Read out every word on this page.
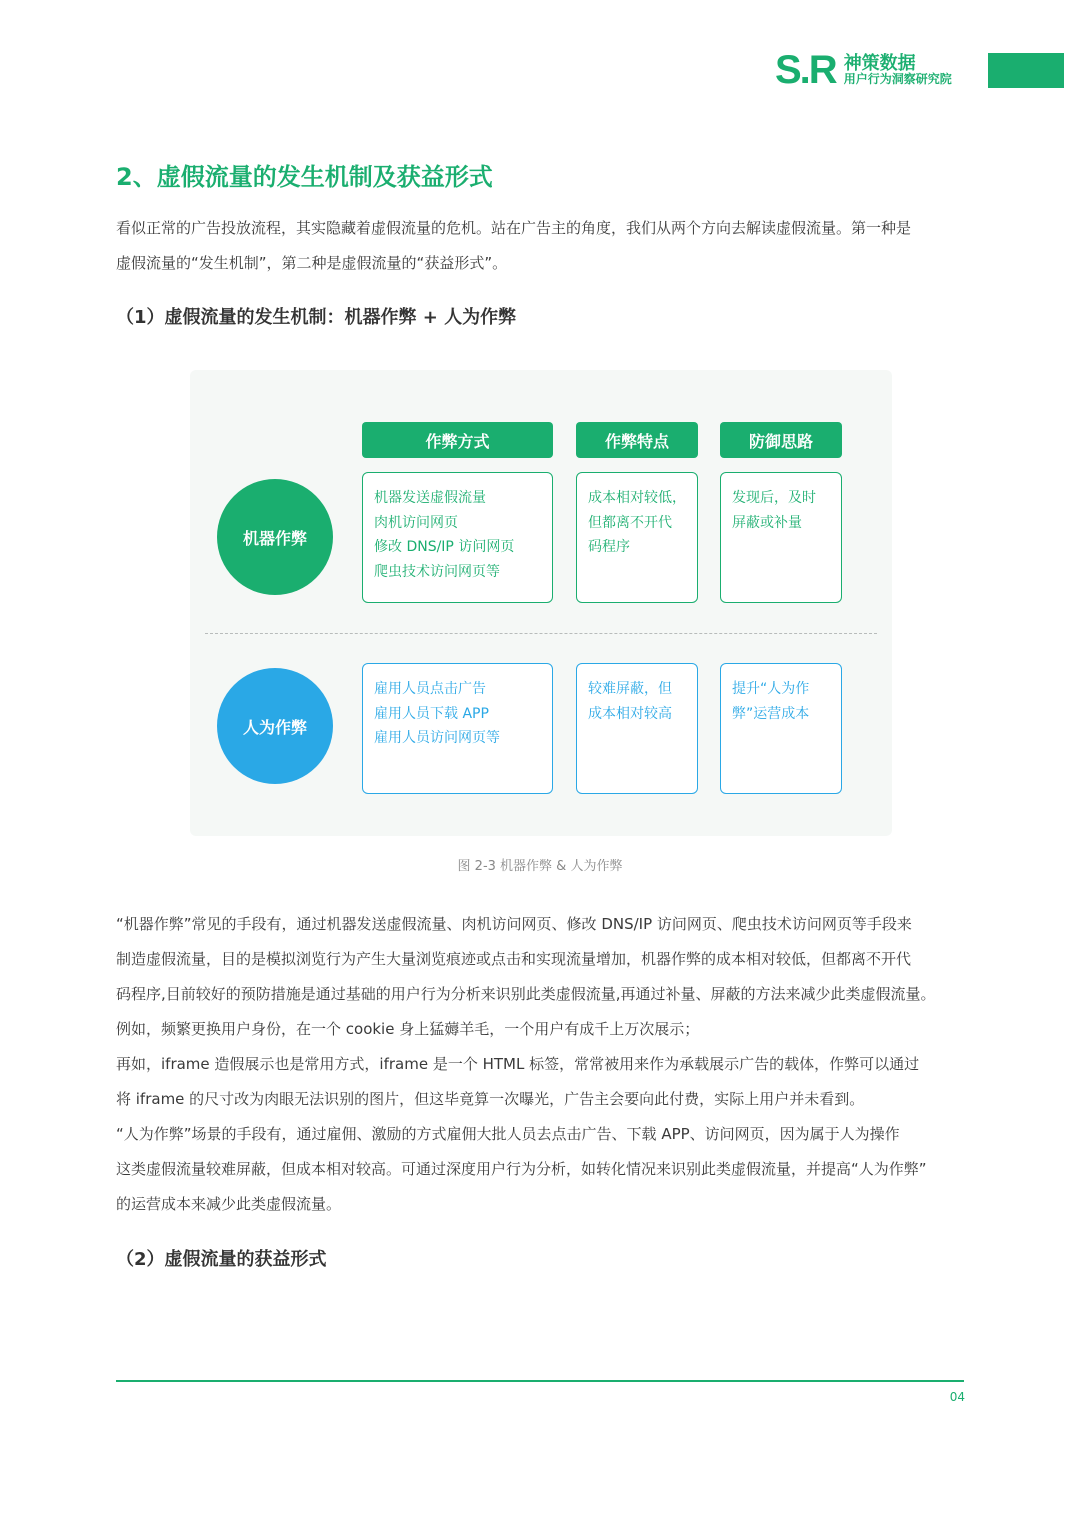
S.R 神策数据
用户行为洞察研究院
2、虚假流量的发生机制及获益形式
看似正常的广告投放流程，其实隐藏着虚假流量的危机。站在广告主的角度，我们从两个方向去解读虚假流量。第一种是
虚假流量的“发生机制”，第二种是虚假流量的“获益形式”。
（1）虚假流量的发生机制：机器作弊 + 人为作弊
作弊方式	作弊特点	防御思路
机器作弊
机器发送虚假流量
肉机访问网页
修改 DNS/IP 访问网页
爬虫技术访问网页等
成本相对较低，
但都离不开代
码程序
发现后，及时
屏蔽或补量
人为作弊
雇用人员点击广告
雇用人员下载 APP
雇用人员访问网页等
较难屏蔽，但
成本相对较高
提升“人为作
弊”运营成本
图 2-3 机器作弊 & 人为作弊
“机器作弊”常见的手段有，通过机器发送虚假流量、肉机访问网页、修改 DNS/IP 访问网页、爬虫技术访问网页等手段来
制造虚假流量，目的是模拟浏览行为产生大量浏览痕迹或点击和实现流量增加，机器作弊的成本相对较低，但都离不开代
码程序,目前较好的预防措施是通过基础的用户行为分析来识别此类虚假流量,再通过补量、屏蔽的方法来减少此类虚假流量。
例如，频繁更换用户身份，在一个 cookie 身上猛薅羊毛，一个用户有成千上万次展示；
再如，iframe 造假展示也是常用方式，iframe 是一个 HTML 标签，常常被用来作为承载展示广告的载体，作弊可以通过
将 iframe 的尺寸改为肉眼无法识别的图片，但这毕竟算一次曝光，广告主会要向此付费，实际上用户并未看到。
“人为作弊”场景的手段有，通过雇佣、激励的方式雇佣大批人员去点击广告、下载 APP、访问网页，因为属于人为操作
这类虚假流量较难屏蔽，但成本相对较高。可通过深度用户行为分析，如转化情况来识别此类虚假流量，并提高“人为作弊”
的运营成本来减少此类虚假流量。
（2）虚假流量的获益形式
04
